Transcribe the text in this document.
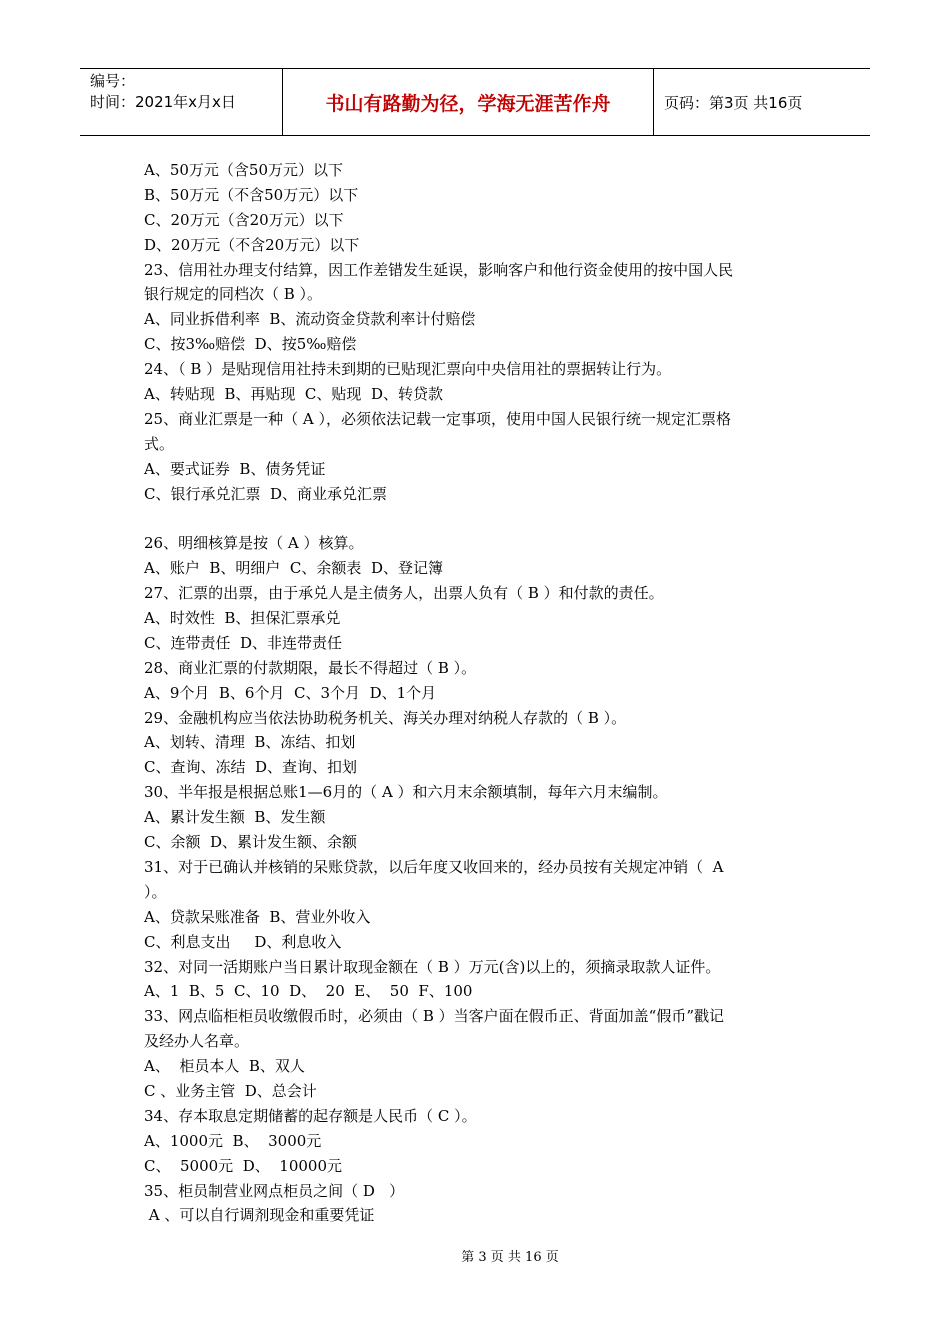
编号：
时间：2021年x月x日	书山有路勤为径，学海无涯苦作舟	页码：第3页 共16页
A、50万元（含50万元）以下
B、50万元（不含50万元）以下
C、20万元（含20万元）以下
D、20万元（不含20万元）以下
23、信用社办理支付结算，因工作差错发生延误，影响客户和他行资金使用的按中国人民
银行规定的同档次（ B ）。
A、同业拆借利率  B、流动资金贷款利率计付赔偿
C、按3‰赔偿  D、按5‰赔偿
24、（ B ）是贴现信用社持未到期的已贴现汇票向中央信用社的票据转让行为。
A、转贴现  B、再贴现  C、贴现  D、转贷款
25、商业汇票是一种（ A ），必须依法记载一定事项，使用中国人民银行统一规定汇票格
式。
A、要式证券  B、债务凭证
C、银行承兑汇票  D、商业承兑汇票
26、明细核算是按（ A ）核算。
A、账户  B、明细户  C、余额表  D、登记簿
27、汇票的出票，由于承兑人是主债务人，出票人负有（ B ）和付款的责任。
A、时效性  B、担保汇票承兑
C、连带责任  D、非连带责任
28、商业汇票的付款期限，最长不得超过（ B ）。
A、9个月  B、6个月  C、3个月  D、1个月
29、金融机构应当依法协助税务机关、海关办理对纳税人存款的（ B ）。
A、划转、清理  B、冻结、扣划
C、查询、冻结  D、查询、扣划
30、半年报是根据总账1—6月的（ A ）和六月末余额填制，每年六月末编制。
A、累计发生额  B、发生额
C、余额  D、累计发生额、余额
31、对于已确认并核销的呆账贷款，以后年度又收回来的，经办员按有关规定冲销（  A
）。
A、贷款呆账准备  B、营业外收入
C、利息支出     D、利息收入
32、对同一活期账户当日累计取现金额在（ B ）万元(含)以上的，须摘录取款人证件。
A、1  B、5  C、10  D、  20  E、  50  F、100
33、网点临柜柜员收缴假币时，必须由（ B ）当客户面在假币正、背面加盖“假币”戳记
及经办人名章。
A、  柜员本人  B、双人
C 、业务主管  D、总会计
34、存本取息定期储蓄的起存额是人民币（ C ）。
A、1000元  B、  3000元
C、  5000元  D、  10000元
35、柜员制营业网点柜员之间（ D   ）
A 、可以自行调剂现金和重要凭证
第 3 页 共 16 页
